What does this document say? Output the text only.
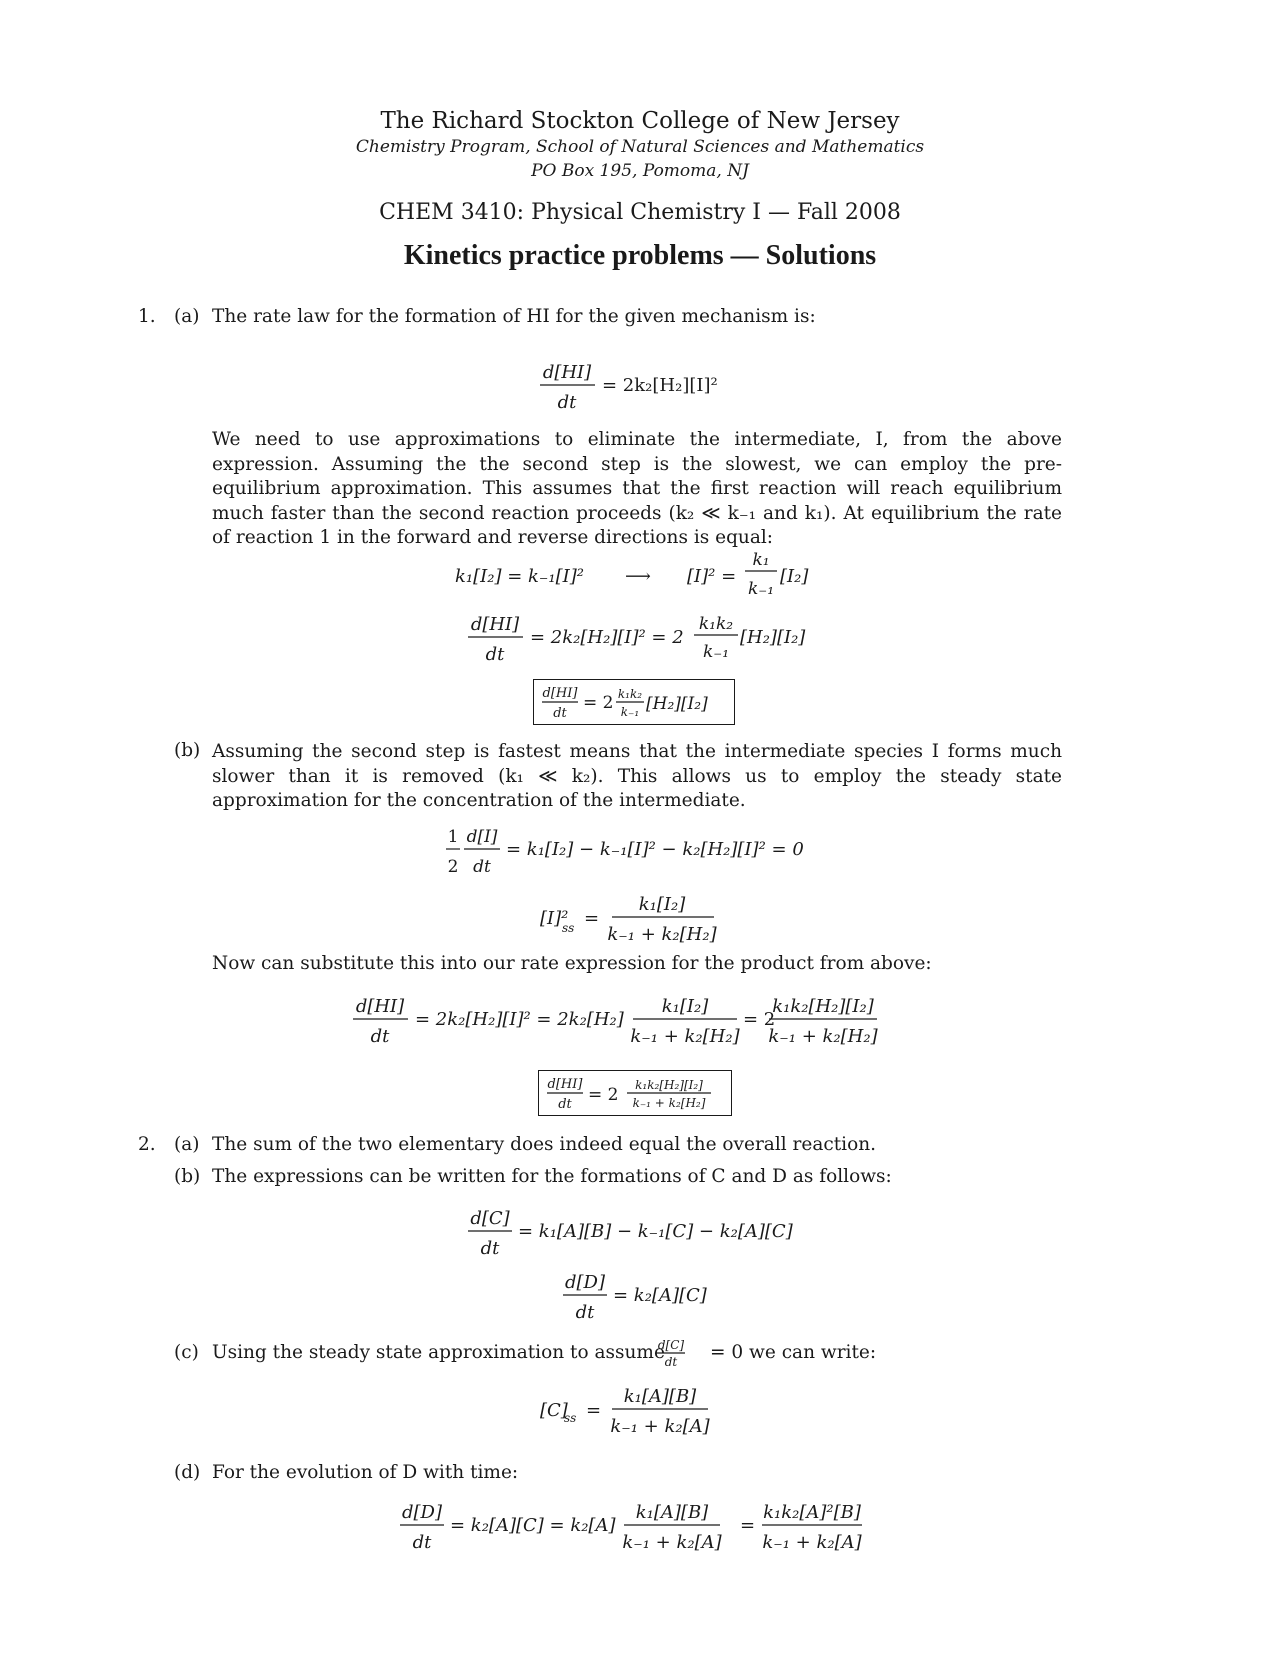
The Richard Stockton College of New Jersey
Chemistry Program, School of Natural Sciences and Mathematics
PO Box 195, Pomoma, NJ
CHEM 3410: Physical Chemistry I — Fall 2008
Kinetics practice problems — Solutions
1. (a) The rate law for the formation of HI for the given mechanism is:
d[HI]
dt
= 2k₂[H₂][I]²
We need to use approximations to eliminate the intermediate, I, from the above expression. Assuming the the second step is the slowest, we can employ the pre-equilibrium approximation. This assumes that the first reaction will reach equilibrium much faster than the second reaction proceeds (k₂ ≪ k₋₁ and k₁). At equilibrium the rate of reaction 1 in the forward and reverse directions is equal:
k₁[I₂] = k₋₁[I]² ⟶ [I]² =
k₁
k₋₁
[I₂]
d[HI]
dt
= 2k₂[H₂][I]² = 2
k₁k₂
k₋₁
[H₂][I₂]
d[HI]
dt
= 2 k₁k₂
k₋₁ [H₂][I₂]
(b) Assuming the second step is fastest means that the intermediate species I forms much slower than it is removed (k₁ ≪ k₂). This allows us to employ the steady state approximation for the concentration of the intermediate.
1
2
d[I]
dt
= k₁[I₂] − k₋₁[I]² − k₂[H₂][I]² = 0
[I]²
ss =
k₁[I₂]
k₋₁ + k₂[H₂]
Now can substitute this into our rate expression for the product from above:
d[HI]
dt
= 2k₂[H₂][I]² = 2k₂[H₂]
k₁[I₂]
k₋₁ + k₂[H₂]
= 2
k₁k₂[H₂][I₂]
k₋₁ + k₂[H₂]
d[HI]
dt = 2 k₁k₂[H₂][I₂]
k₋₁ + k₂[H₂]
2. (a) The sum of the two elementary does indeed equal the overall reaction.
(b) The expressions can be written for the formations of C and D as follows:
d[C]
dt
= k₁[A][B] − k₋₁[C] − k₂[A][C]
d[D]
dt
= k₂[A][C]
(c) Using the steady state approximation to assume
d[C]
dt = 0 we can write:
[C]
ss =
k₁[A][B]
k₋₁ + k₂[A]
(d) For the evolution of D with time:
d[D]
dt
= k₂[A][C] = k₂[A]
k₁[A][B]
k₋₁ + k₂[A]
=
k₁k₂[A]²[B]
k₋₁ + k₂[A]
